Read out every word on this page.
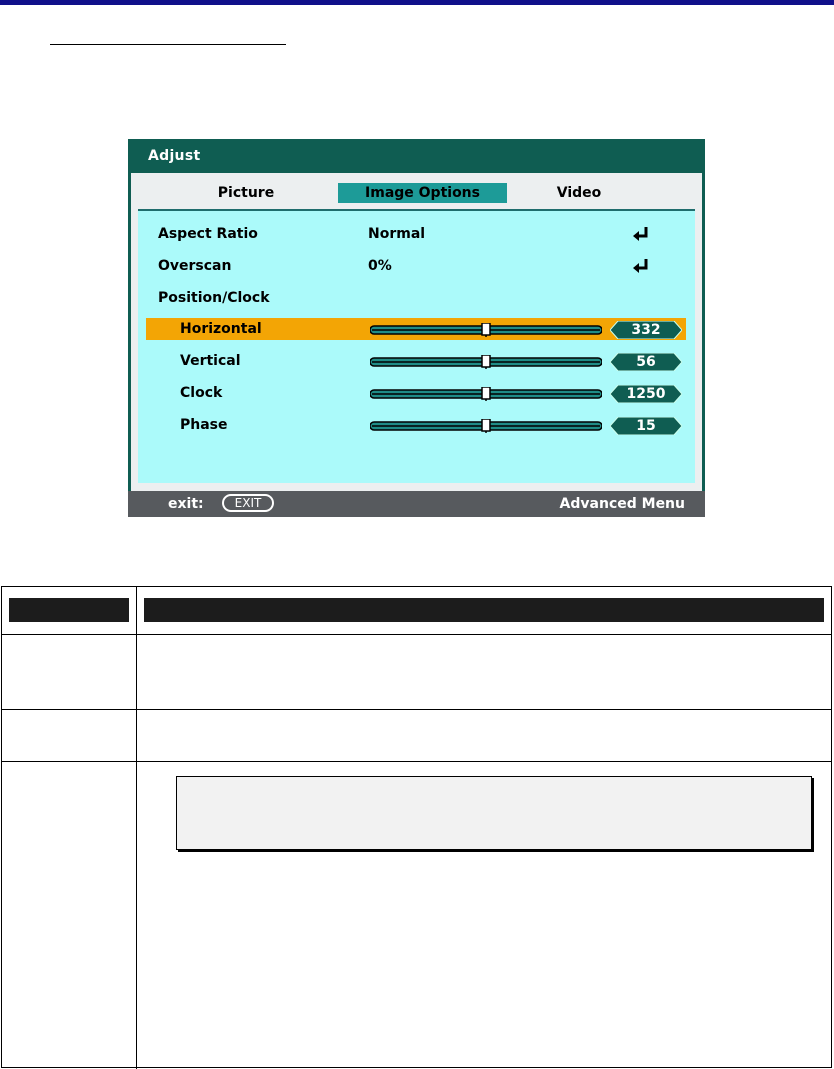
Adjust
Picture	Image Options	Video
Aspect Ratio	Normal
Overscan	0%
Position/Clock
Horizontal	332
Vertical	56
Clock	1250
Phase	15
exit:	EXIT	Advanced Menu
